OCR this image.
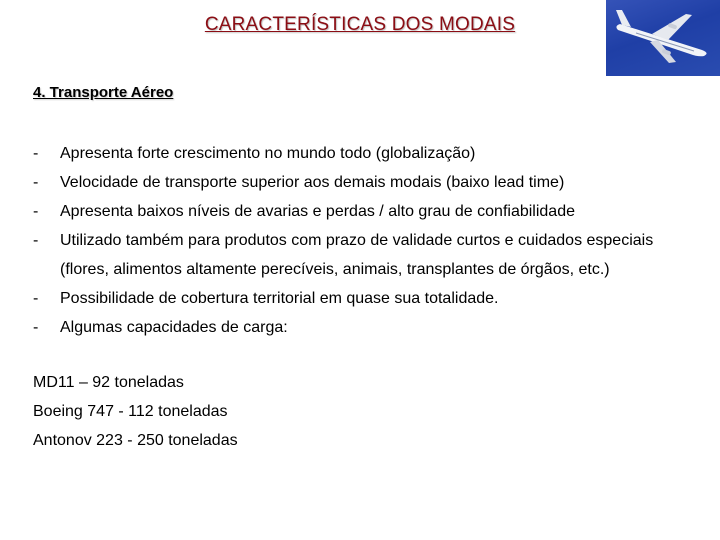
CARACTERÍSTICAS DOS MODAIS
4. Transporte Aéreo
- Apresenta forte crescimento no mundo todo (globalização)
- Velocidade de transporte superior aos demais modais (baixo lead time)
- Apresenta baixos níveis de avarias e perdas / alto grau de confiabilidade
- Utilizado também para produtos com prazo de validade curtos e cuidados especiais (flores, alimentos altamente perecíveis, animais, transplantes de órgãos, etc.)
- Possibilidade de cobertura territorial em quase sua totalidade.
- Algumas capacidades de carga:
MD11 – 92 toneladas
Boeing 747 - 112 toneladas
Antonov 223 - 250 toneladas
